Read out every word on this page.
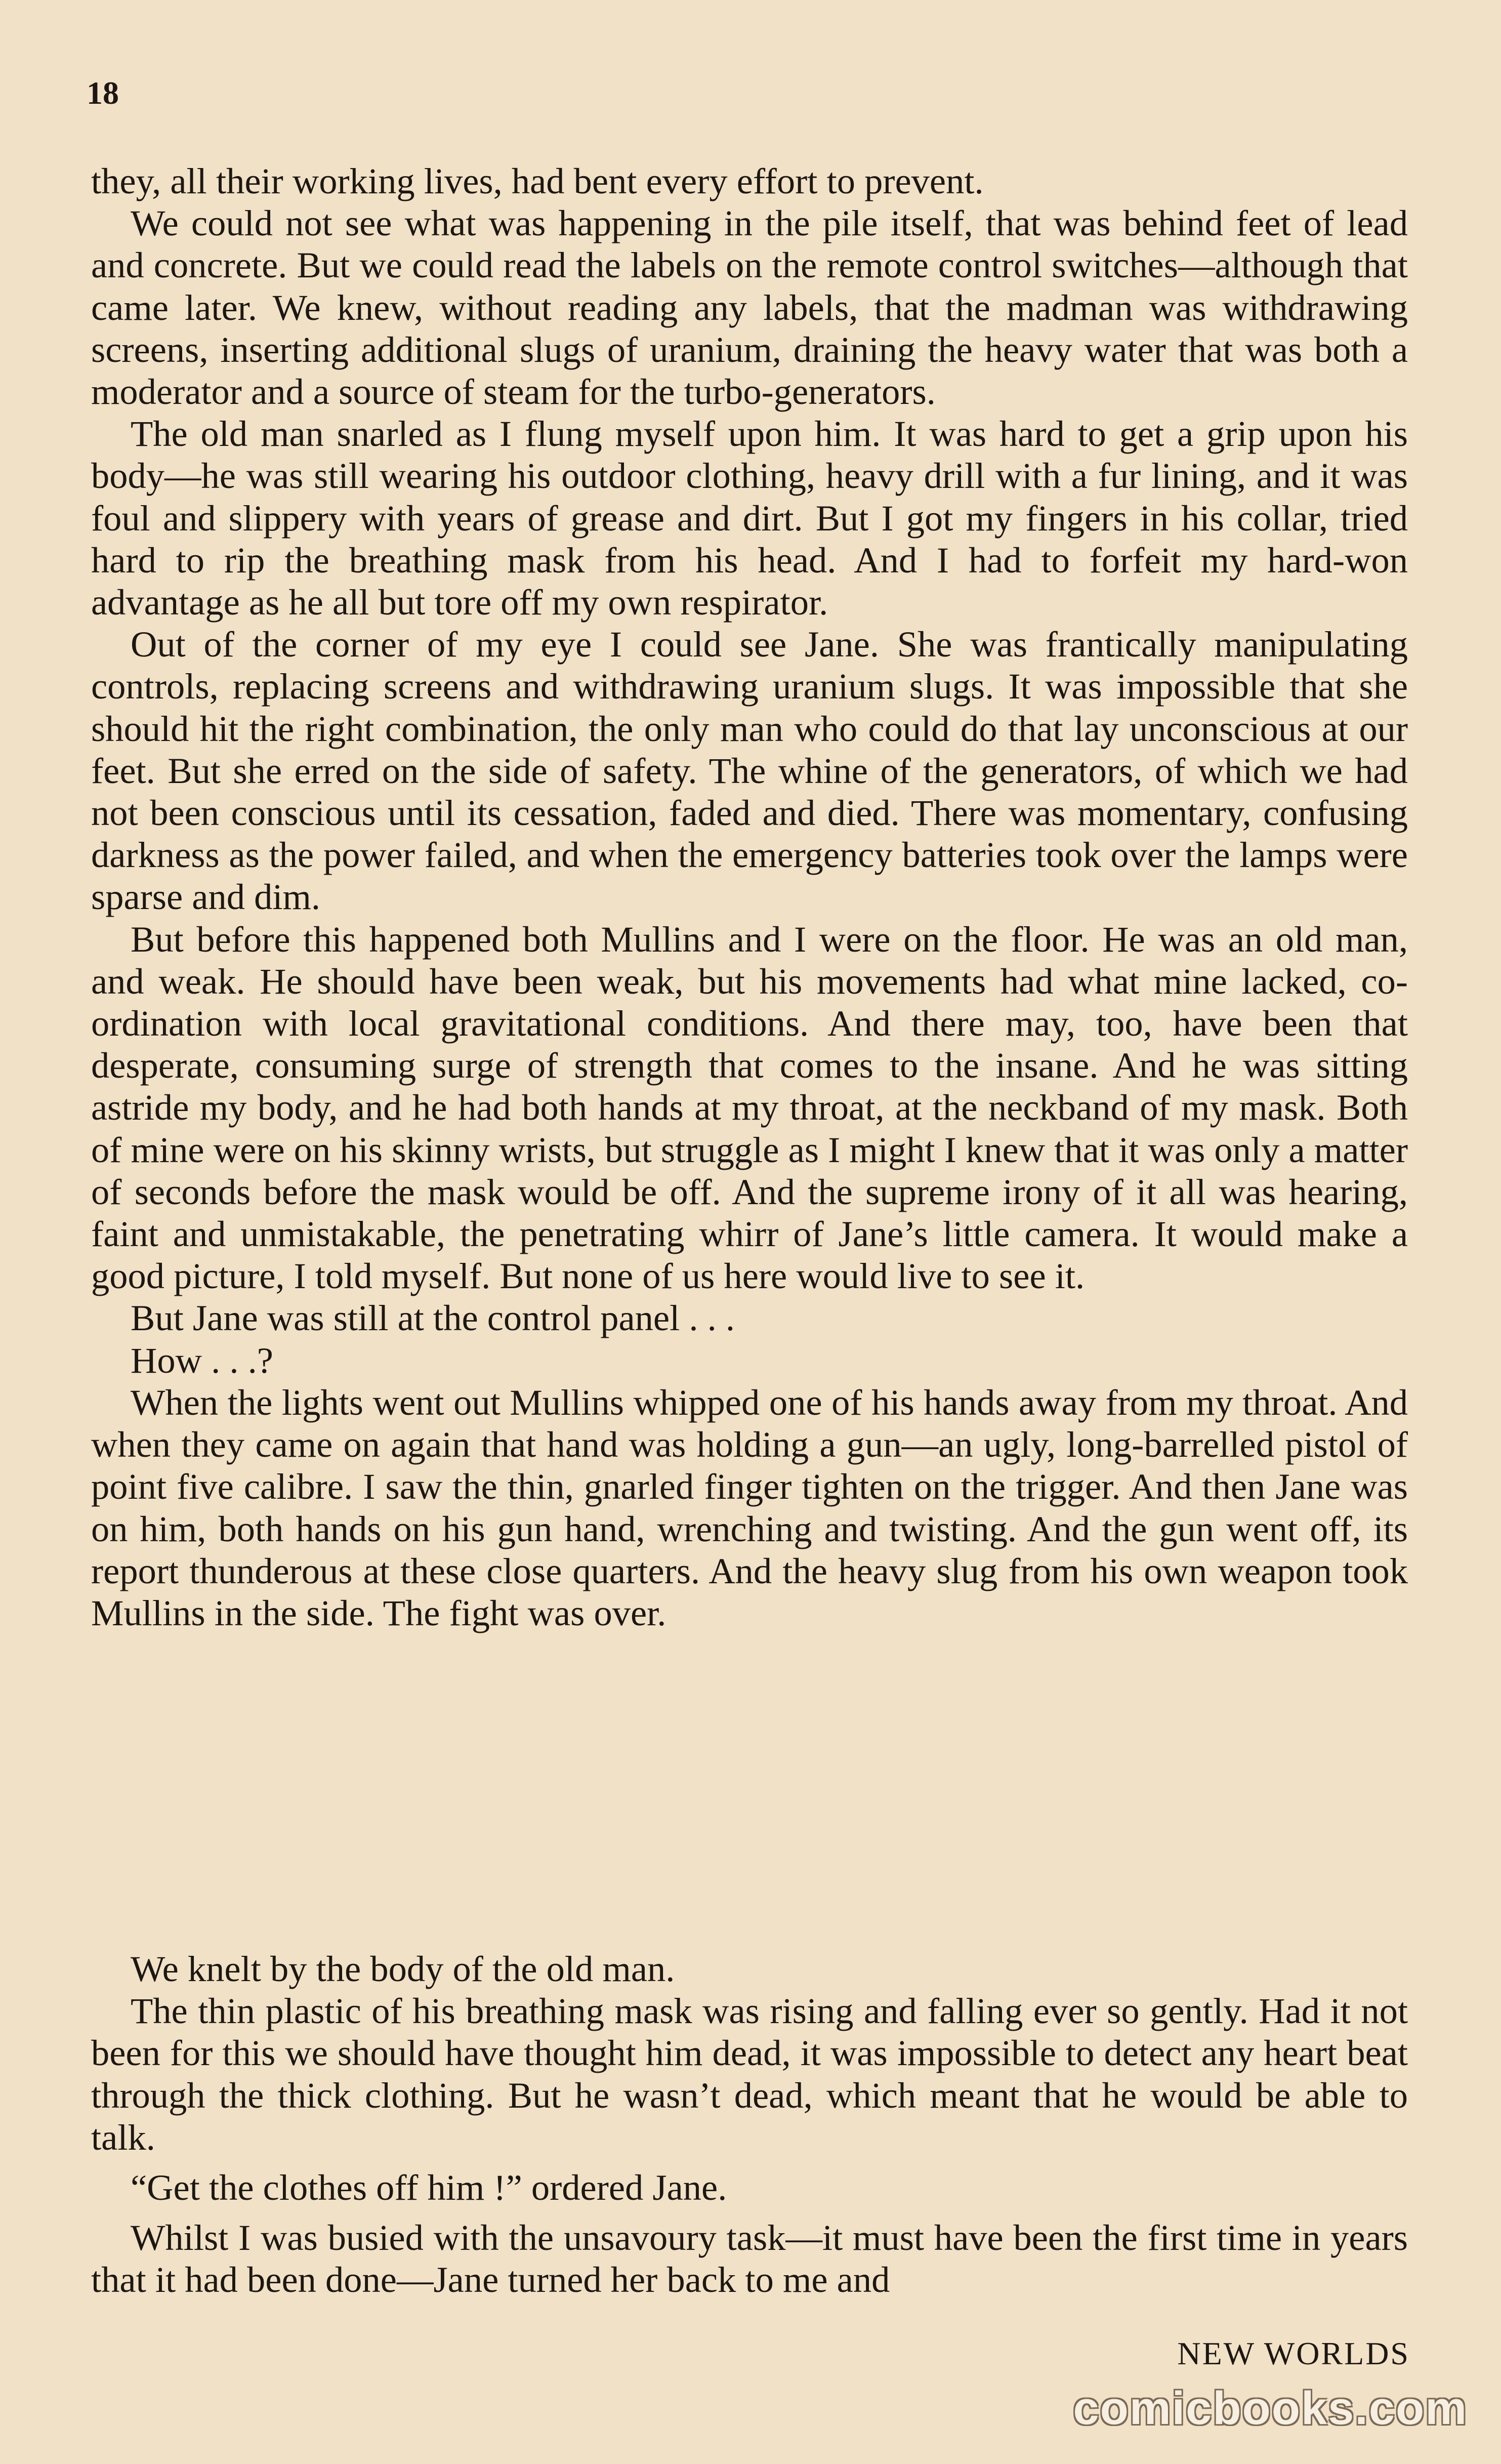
18

they, all their working lives, had bent every effort to prevent.

We could not see what was happening in the pile itself, that was behind feet of lead and concrete. But we could read the labels on the remote control switches—although that came later. We knew, without reading any labels, that the madman was withdrawing screens, inserting additional slugs of uranium, draining the heavy water that was both a moderator and a source of steam for the turbo-generators.

The old man snarled as I flung myself upon him. It was hard to get a grip upon his body—he was still wearing his outdoor clothing, heavy drill with a fur lining, and it was foul and slippery with years of grease and dirt. But I got my fingers in his collar, tried hard to rip the breathing mask from his head. And I had to forfeit my hard-won advantage as he all but tore off my own respirator.

Out of the corner of my eye I could see Jane. She was frantically manipulating controls, replacing screens and withdrawing uranium slugs. It was impossible that she should hit the right combination, the only man who could do that lay unconscious at our feet. But she erred on the side of safety. The whine of the generators, of which we had not been conscious until its cessation, faded and died. There was momentary, confusing darkness as the power failed, and when the emergency batteries took over the lamps were sparse and dim.

But before this happened both Mullins and I were on the floor. He was an old man, and weak. He should have been weak, but his movements had what mine lacked, co-ordination with local gravitational conditions. And there may, too, have been that desperate, consuming surge of strength that comes to the insane. And he was sitting astride my body, and he had both hands at my throat, at the neckband of my mask. Both of mine were on his skinny wrists, but struggle as I might I knew that it was only a matter of seconds before the mask would be off. And the supreme irony of it all was hearing, faint and unmistakable, the penetrating whirr of Jane’s little camera. It would make a good picture, I told myself. But none of us here would live to see it.

But Jane was still at the control panel . . .

How . . .?

When the lights went out Mullins whipped one of his hands away from my throat. And when they came on again that hand was holding a gun—an ugly, long-barrelled pistol of point five calibre. I saw the thin, gnarled finger tighten on the trigger. And then Jane was on him, both hands on his gun hand, wrenching and twisting. And the gun went off, its report thunderous at these close quarters. And the heavy slug from his own weapon took Mullins in the side. The fight was over.

We knelt by the body of the old man.

The thin plastic of his breathing mask was rising and falling ever so gently. Had it not been for this we should have thought him dead, it was impossible to detect any heart beat through the thick clothing. But he wasn’t dead, which meant that he would be able to talk.

“Get the clothes off him !” ordered Jane.

Whilst I was busied with the unsavoury task—it must have been the first time in years that it had been done—Jane turned her back to me and

NEW WORLDS
comicbooks.com
